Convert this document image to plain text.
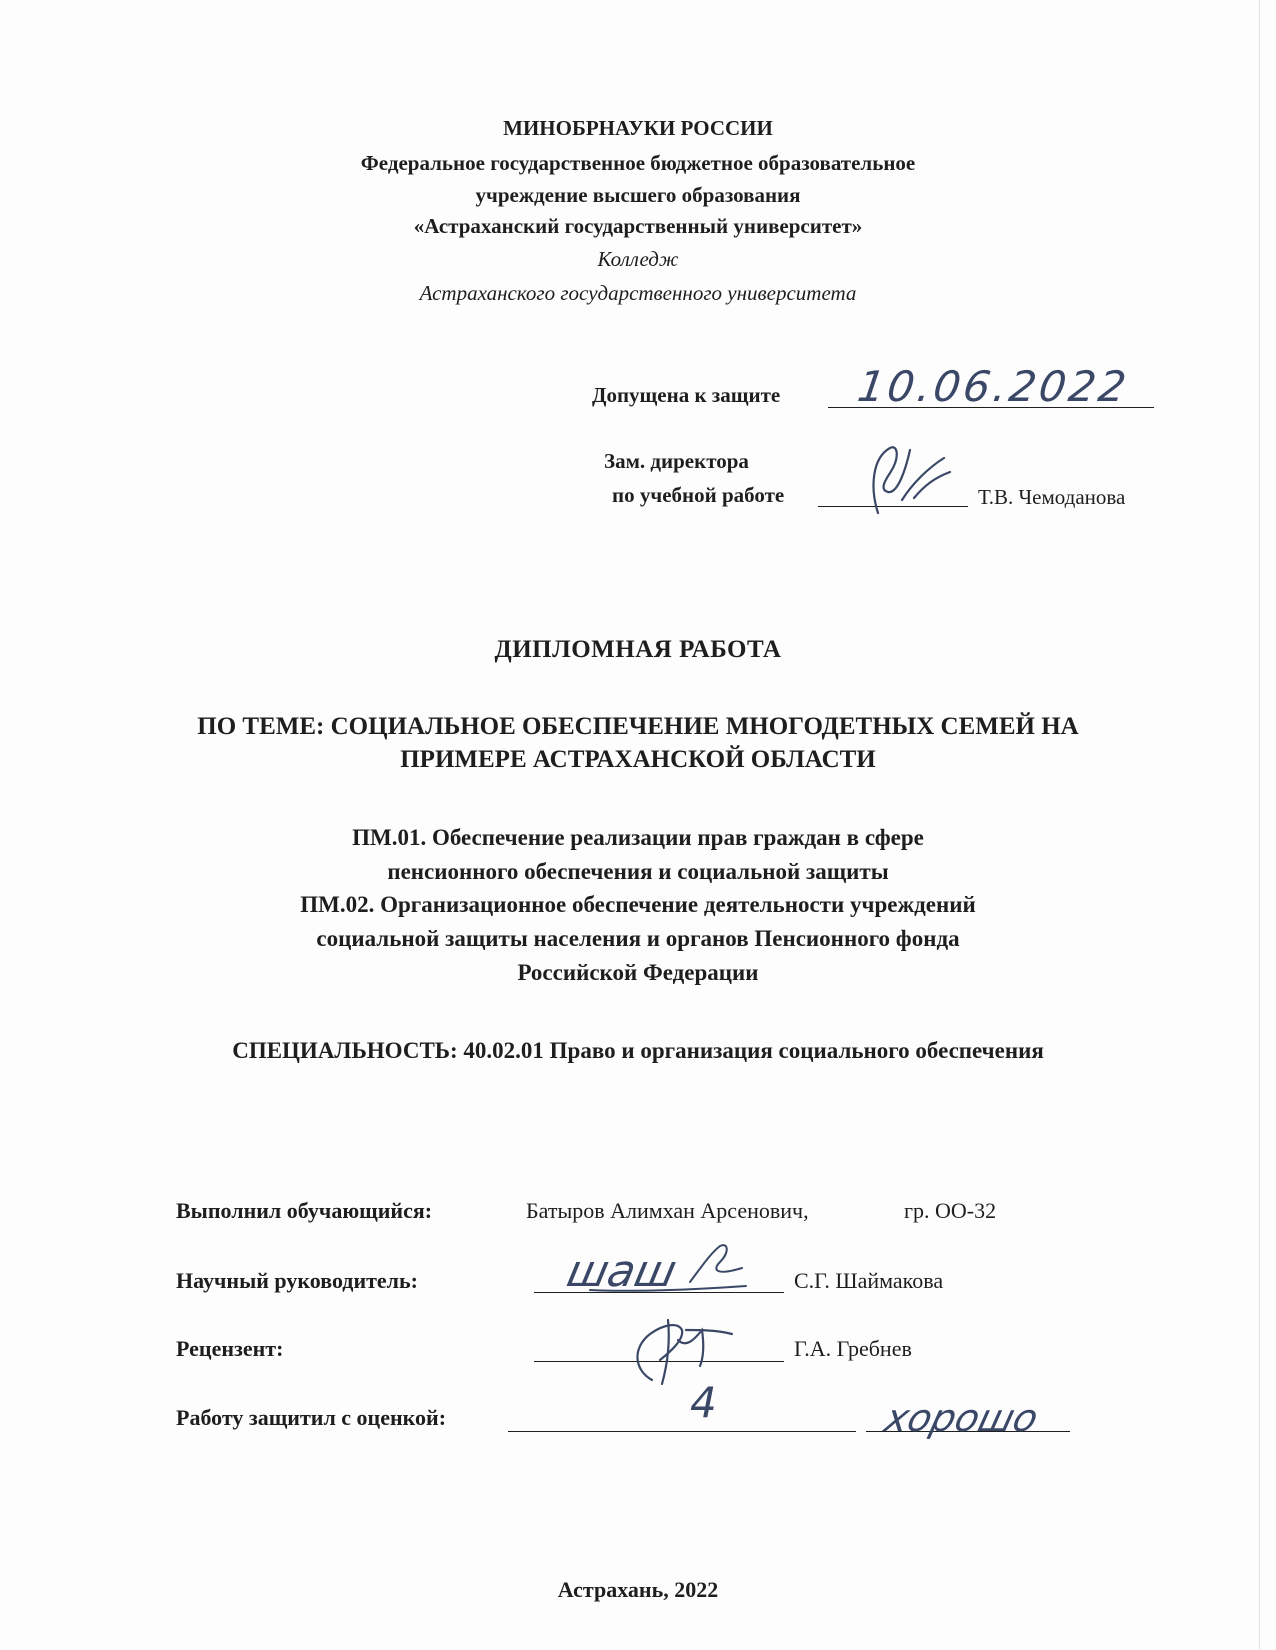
МИНОБРНАУКИ РОССИИ
Федеральное государственное бюджетное образовательное
учреждение высшего образования
«Астраханский государственный университет»
Колледж
Астраханского государственного университета
Допущена к защите 10.06.2022
Зам. директора
по учебной работе	Т.В. Чемоданова
ДИПЛОМНАЯ РАБОТА
ПО ТЕМЕ: СОЦИАЛЬНОЕ ОБЕСПЕЧЕНИЕ МНОГОДЕТНЫХ СЕМЕЙ НА
ПРИМЕРЕ АСТРАХАНСКОЙ ОБЛАСТИ
ПМ.01. Обеспечение реализации прав граждан в сфере
пенсионного обеспечения и социальной защиты
ПМ.02. Организационное обеспечение деятельности учреждений
социальной защиты населения и органов Пенсионного фонда
Российской Федерации
СПЕЦИАЛЬНОСТЬ: 40.02.01 Право и организация социального обеспечения
Выполнил обучающийся:	Батыров Алимхан Арсенович,	гр. ОО-32
Научный руководитель:	шаш	С.Г. Шаймакова
Рецензент:	Г.А. Гребнев
Работу защитил с оценкой:	4	хорошо
Астрахань, 2022
